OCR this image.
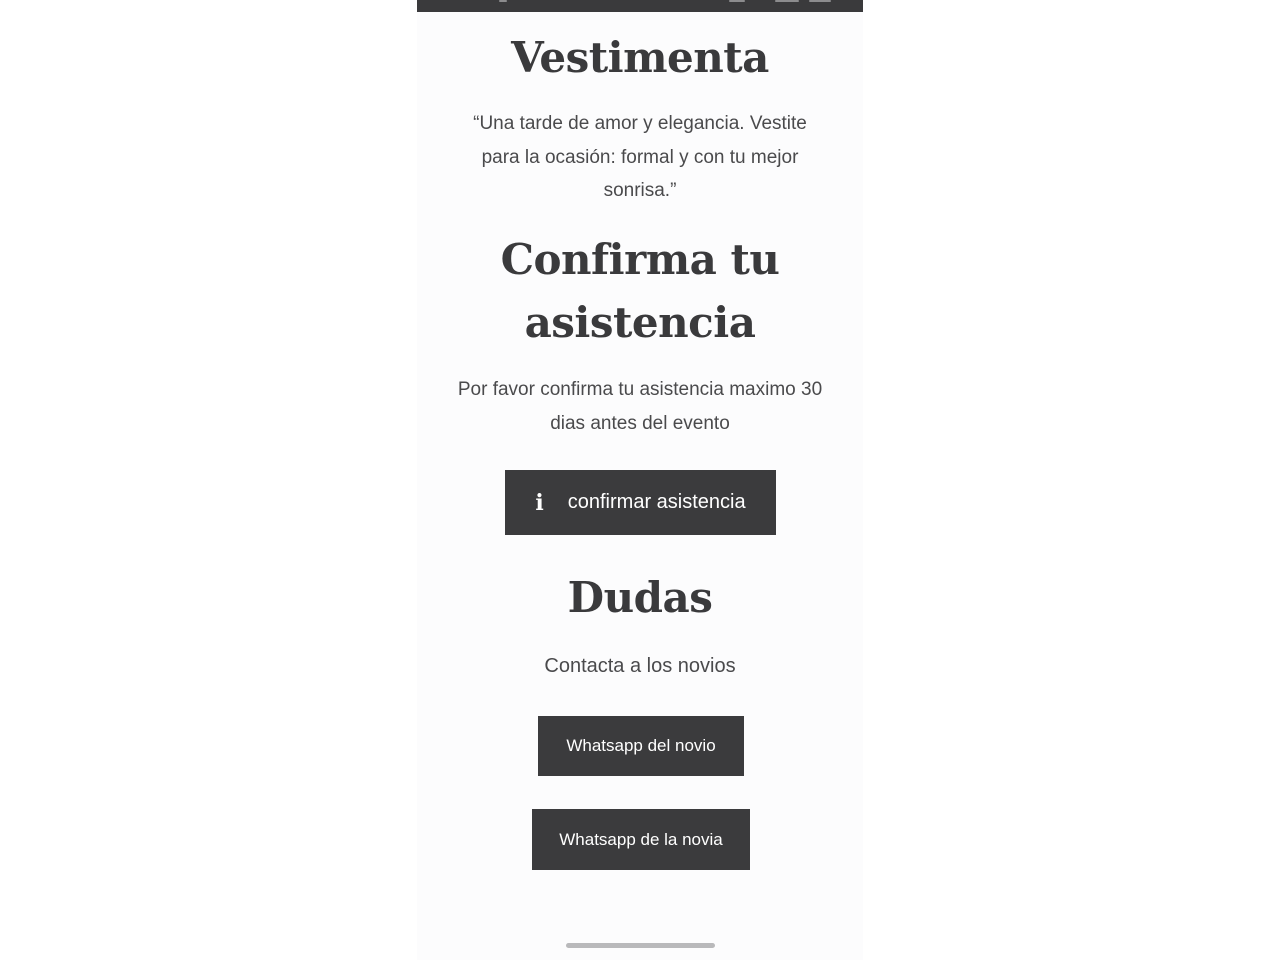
Vestimenta

“Una tarde de amor y elegancia. Vestite para la ocasión: formal y con tu mejor sonrisa.”

Confirma tu asistencia

Por favor confirma tu asistencia maximo 30 dias antes del evento

i confirmar asistencia
Dudas

Contacta a los novios

Whatsapp del novio
Whatsapp de la novia
